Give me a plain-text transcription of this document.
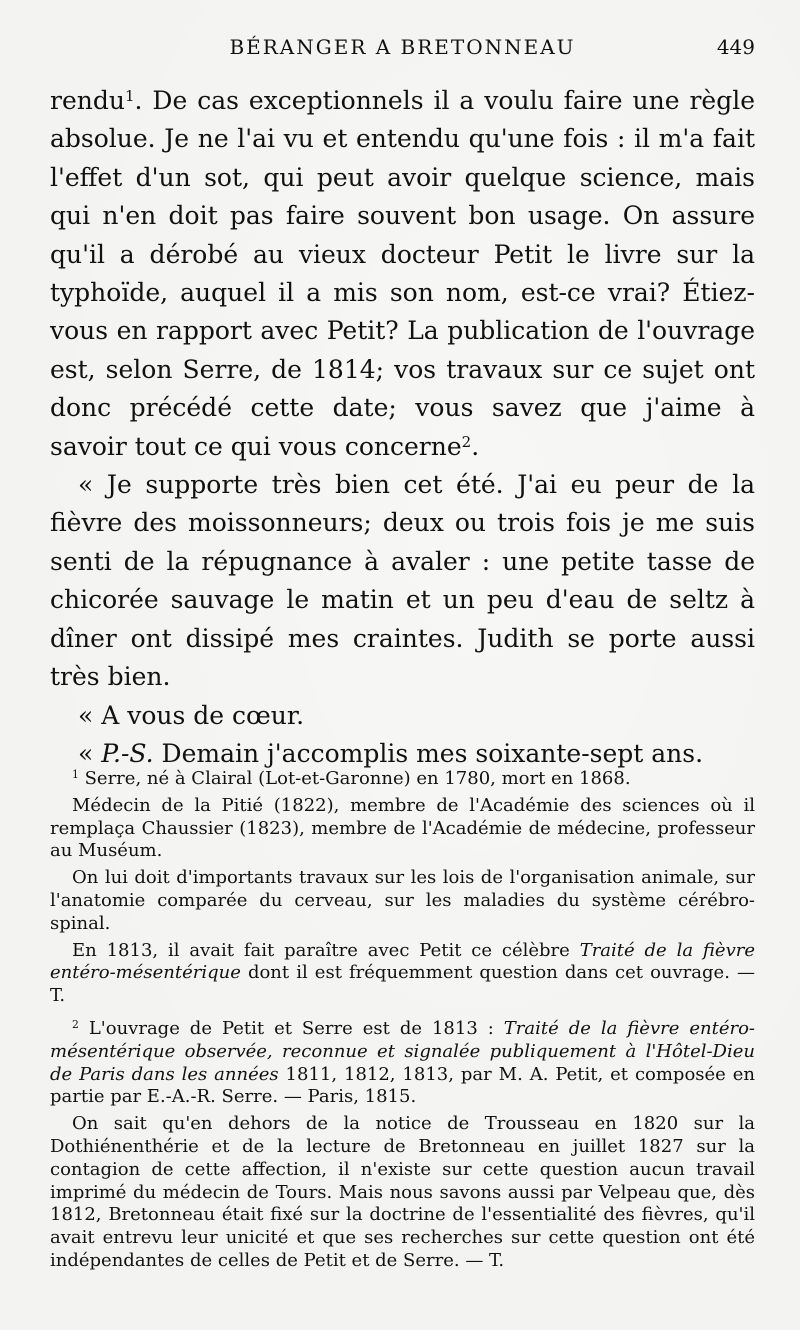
BÉRANGER A BRETONNEAU	449

rendu$^1$. De cas exceptionnels il a voulu faire une règle absolue. Je ne l'ai vu et entendu qu'une fois : il m'a fait l'effet d'un sot, qui peut avoir quelque science, mais qui n'en doit pas faire souvent bon usage. On assure qu'il a dérobé au vieux docteur Petit le livre sur la typhoïde, auquel il a mis son nom, est-ce vrai? Étiez-vous en rapport avec Petit? La publication de l'ouvrage est, selon Serre, de 1814; vos travaux sur ce sujet ont donc précédé cette date; vous savez que j'aime à savoir tout ce qui vous concerne$^2$.

« Je supporte très bien cet été. J'ai eu peur de la fièvre des moissonneurs; deux ou trois fois je me suis senti de la répugnance à avaler : une petite tasse de chicorée sauvage le matin et un peu d'eau de seltz à dîner ont dissipé mes craintes. Judith se porte aussi très bien.

« A vous de cœur.

« P.-S. Demain j'accomplis mes soixante-sept ans.

$^1$ Serre, né à Clairal (Lot-et-Garonne) en 1780, mort en 1868.

Médecin de la Pitié (1822), membre de l'Académie des sciences où il remplaça Chaussier (1823), membre de l'Académie de médecine, professeur au Muséum.

On lui doit d'importants travaux sur les lois de l'organisation animale, sur l'anatomie comparée du cerveau, sur les maladies du système cérébro-spinal.

En 1813, il avait fait paraître avec Petit ce célèbre Traité de la fièvre entéro-mésentérique dont il est fréquemment question dans cet ouvrage. — T.

$^2$ L'ouvrage de Petit et Serre est de 1813 : Traité de la fièvre entéro-mésentérique observée, reconnue et signalée publiquement à l'Hôtel-Dieu de Paris dans les années 1811, 1812, 1813, par M. A. Petit, et composée en partie par E.-A.-R. Serre. — Paris, 1815.

On sait qu'en dehors de la notice de Trousseau en 1820 sur la Dothiénenthérie et de la lecture de Bretonneau en juillet 1827 sur la contagion de cette affection, il n'existe sur cette question aucun travail imprimé du médecin de Tours. Mais nous savons aussi par Velpeau que, dès 1812, Bretonneau était fixé sur la doctrine de l'essentialité des fièvres, qu'il avait entrevu leur unicité et que ses recherches sur cette question ont été indépendantes de celles de Petit et de Serre. — T.
